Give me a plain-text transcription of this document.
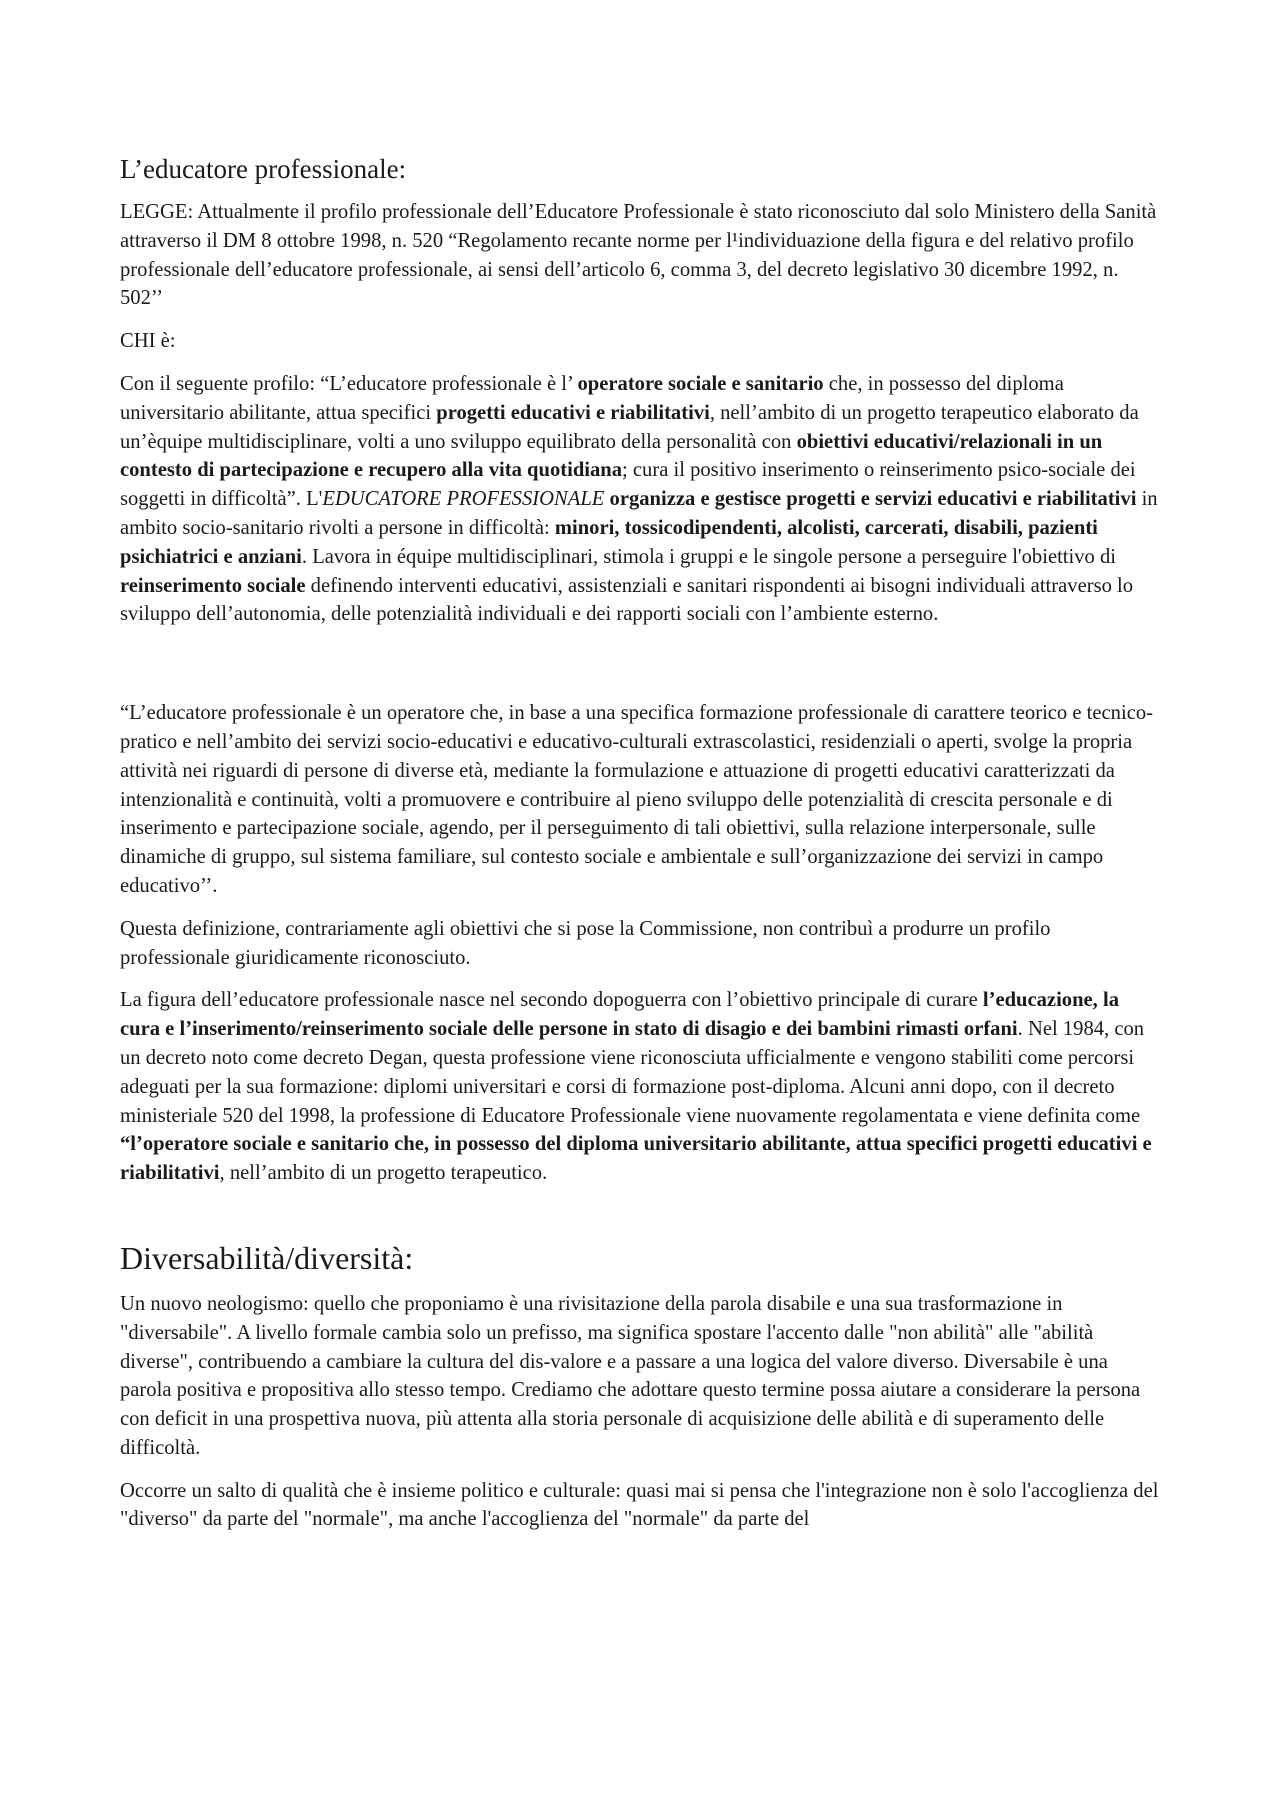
L’educatore professionale:

LEGGE: Attualmente il profilo professionale dell’Educatore Professionale è stato riconosciuto dal solo Ministero della Sanità attraverso il DM 8 ottobre 1998, n. 520 “Regolamento recante norme per l¹individuazione della figura e del relativo profilo professionale dell’educatore professionale, ai sensi dell’articolo 6, comma 3, del decreto legislativo 30 dicembre 1992, n. 502’’

CHI è:

Con il seguente profilo: “L’educatore professionale è l’ operatore sociale e sanitario che, in possesso del diploma universitario abilitante, attua specifici progetti educativi e riabilitativi, nell’ambito di un progetto terapeutico elaborato da un’èquipe multidisciplinare, volti a uno sviluppo equilibrato della personalità con obiettivi educativi/relazionali in un contesto di partecipazione e recupero alla vita quotidiana; cura il positivo inserimento o reinserimento psico-sociale dei soggetti in difficoltà”. L'EDUCATORE PROFESSIONALE organizza e gestisce progetti e servizi educativi e riabilitativi in ambito socio-sanitario rivolti a persone in difficoltà: minori, tossicodipendenti, alcolisti, carcerati, disabili, pazienti psichiatrici e anziani. Lavora in équipe multidisciplinari, stimola i gruppi e le singole persone a perseguire l'obiettivo di reinserimento sociale definendo interventi educativi, assistenziali e sanitari rispondenti ai bisogni individuali attraverso lo sviluppo dell’autonomia, delle potenzialità individuali e dei rapporti sociali con l’ambiente esterno.

“L’educatore professionale è un operatore che, in base a una specifica formazione professionale di carattere teorico e tecnico-pratico e nell’ambito dei servizi socio-educativi e educativo-culturali extrascolastici, residenziali o aperti, svolge la propria attività nei riguardi di persone di diverse età, mediante la formulazione e attuazione di progetti educativi caratterizzati da intenzionalità e continuità, volti a promuovere e contribuire al pieno sviluppo delle potenzialità di crescita personale e di inserimento e partecipazione sociale, agendo, per il perseguimento di tali obiettivi, sulla relazione interpersonale, sulle dinamiche di gruppo, sul sistema familiare, sul contesto sociale e ambientale e sull’organizzazione dei servizi in campo educativo’’.

Questa definizione, contrariamente agli obiettivi che si pose la Commissione, non contribuì a produrre un profilo professionale giuridicamente riconosciuto.

La figura dell’educatore professionale nasce nel secondo dopoguerra con l’obiettivo principale di curare l’educazione, la cura e l’inserimento/reinserimento sociale delle persone in stato di disagio e dei bambini rimasti orfani. Nel 1984, con un decreto noto come decreto Degan, questa professione viene riconosciuta ufficialmente e vengono stabiliti come percorsi adeguati per la sua formazione: diplomi universitari e corsi di formazione post-diploma. Alcuni anni dopo, con il decreto ministeriale 520 del 1998, la professione di Educatore Professionale viene nuovamente regolamentata e viene definita come “l’operatore sociale e sanitario che, in possesso del diploma universitario abilitante, attua specifici progetti educativi e riabilitativi, nell’ambito di un progetto terapeutico.

Diversabilità/diversità:

Un nuovo neologismo: quello che proponiamo è una rivisitazione della parola disabile e una sua trasformazione in "diversabile". A livello formale cambia solo un prefisso, ma significa spostare l'accento dalle "non abilità" alle "abilità diverse", contribuendo a cambiare la cultura del dis-valore e a passare a una logica del valore diverso. Diversabile è una parola positiva e propositiva allo stesso tempo. Crediamo che adottare questo termine possa aiutare a considerare la persona con deficit in una prospettiva nuova, più attenta alla storia personale di acquisizione delle abilità e di superamento delle difficoltà.

Occorre un salto di qualità che è insieme politico e culturale: quasi mai si pensa che l'integrazione non è solo l'accoglienza del "diverso" da parte del "normale", ma anche l'accoglienza del "normale" da parte del
